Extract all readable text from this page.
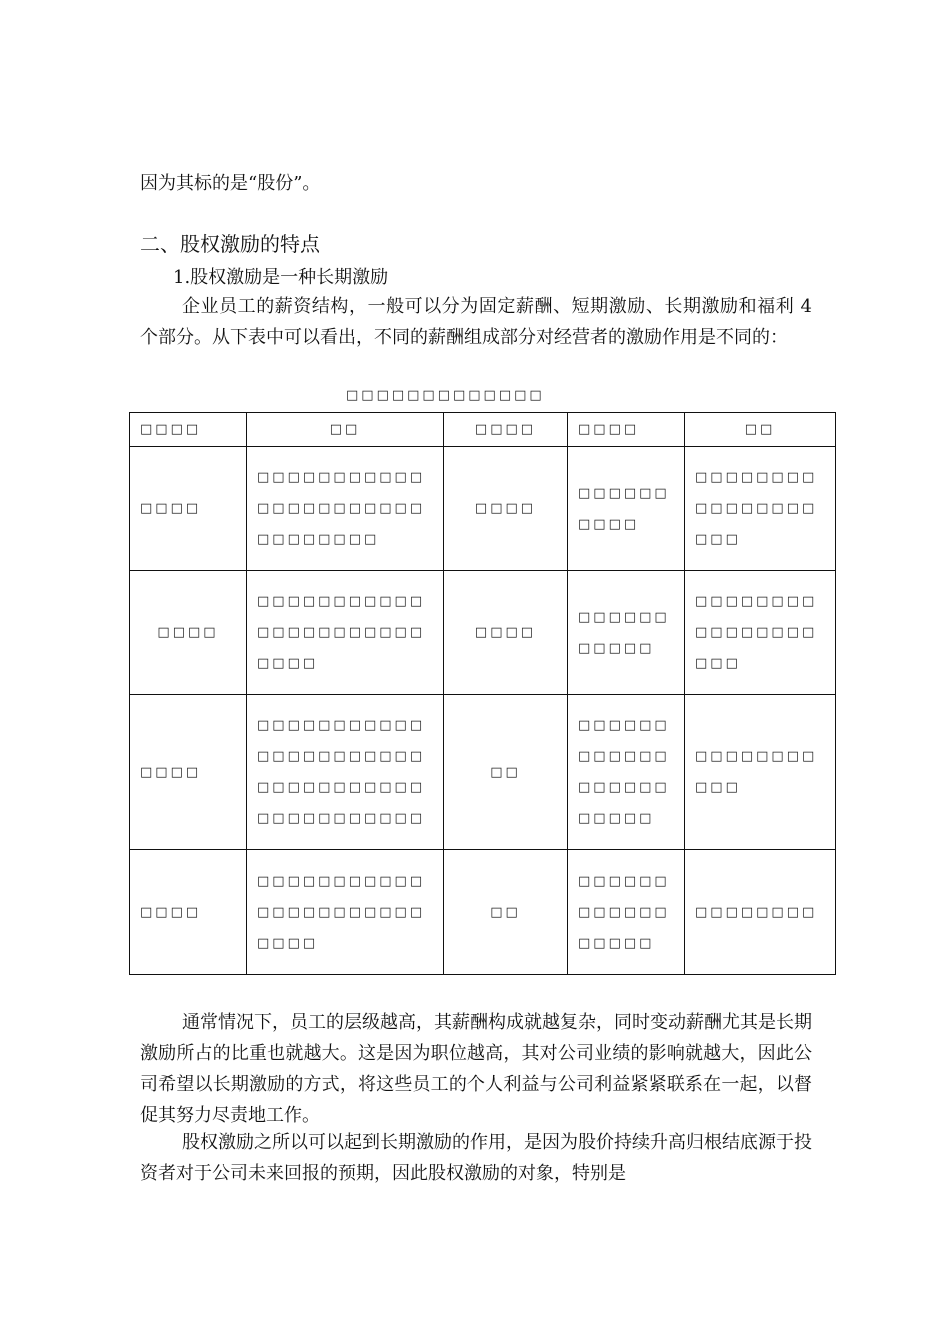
因为其标的是“股份”。
二、股权激励的特点
1.股权激励是一种长期激励
企业员工的薪资结构，一般可以分为固定薪酬、短期激励、长期激励和福利 4 个部分。从下表中可以看出，不同的薪酬组成部分对经营者的激励作用是不同的：
□□□□□□□□□□□□□
□□□□	□□	□□□□	□□□□	□□
□□□□	□□□□□□□□□□□□□□□□□□□□□□□□□□□□□□	□□□□	□□□□□□□□□□	□□□□□□□□□□□□□□□□□□□
□□□□	□□□□□□□□□□□□□□□□□□□□□□□□□□	□□□□	□□□□□□□□□□□	□□□□□□□□□□□□□□□□□□□
□□□□	□□□□□□□□□□□□□□□□□□□□□□□□□□□□□□□□□□□□□□□□□□□□	□□	□□□□□□□□□□□□□□□□□□□□□□□	□□□□□□□□□□□
□□□□	□□□□□□□□□□□□□□□□□□□□□□□□□□	□□	□□□□□□□□□□□□□□□□□	□□□□□□□□
通常情况下，员工的层级越高，其薪酬构成就越复杂，同时变动薪酬尤其是长期激励所占的比重也就越大。这是因为职位越高，其对公司业绩的影响就越大，因此公司希望以长期激励的方式，将这些员工的个人利益与公司利益紧紧联系在一起，以督促其努力尽责地工作。
股权激励之所以可以起到长期激励的作用，是因为股价持续升高归根结底源于投资者对于公司未来回报的预期，因此股权激励的对象，特别是
